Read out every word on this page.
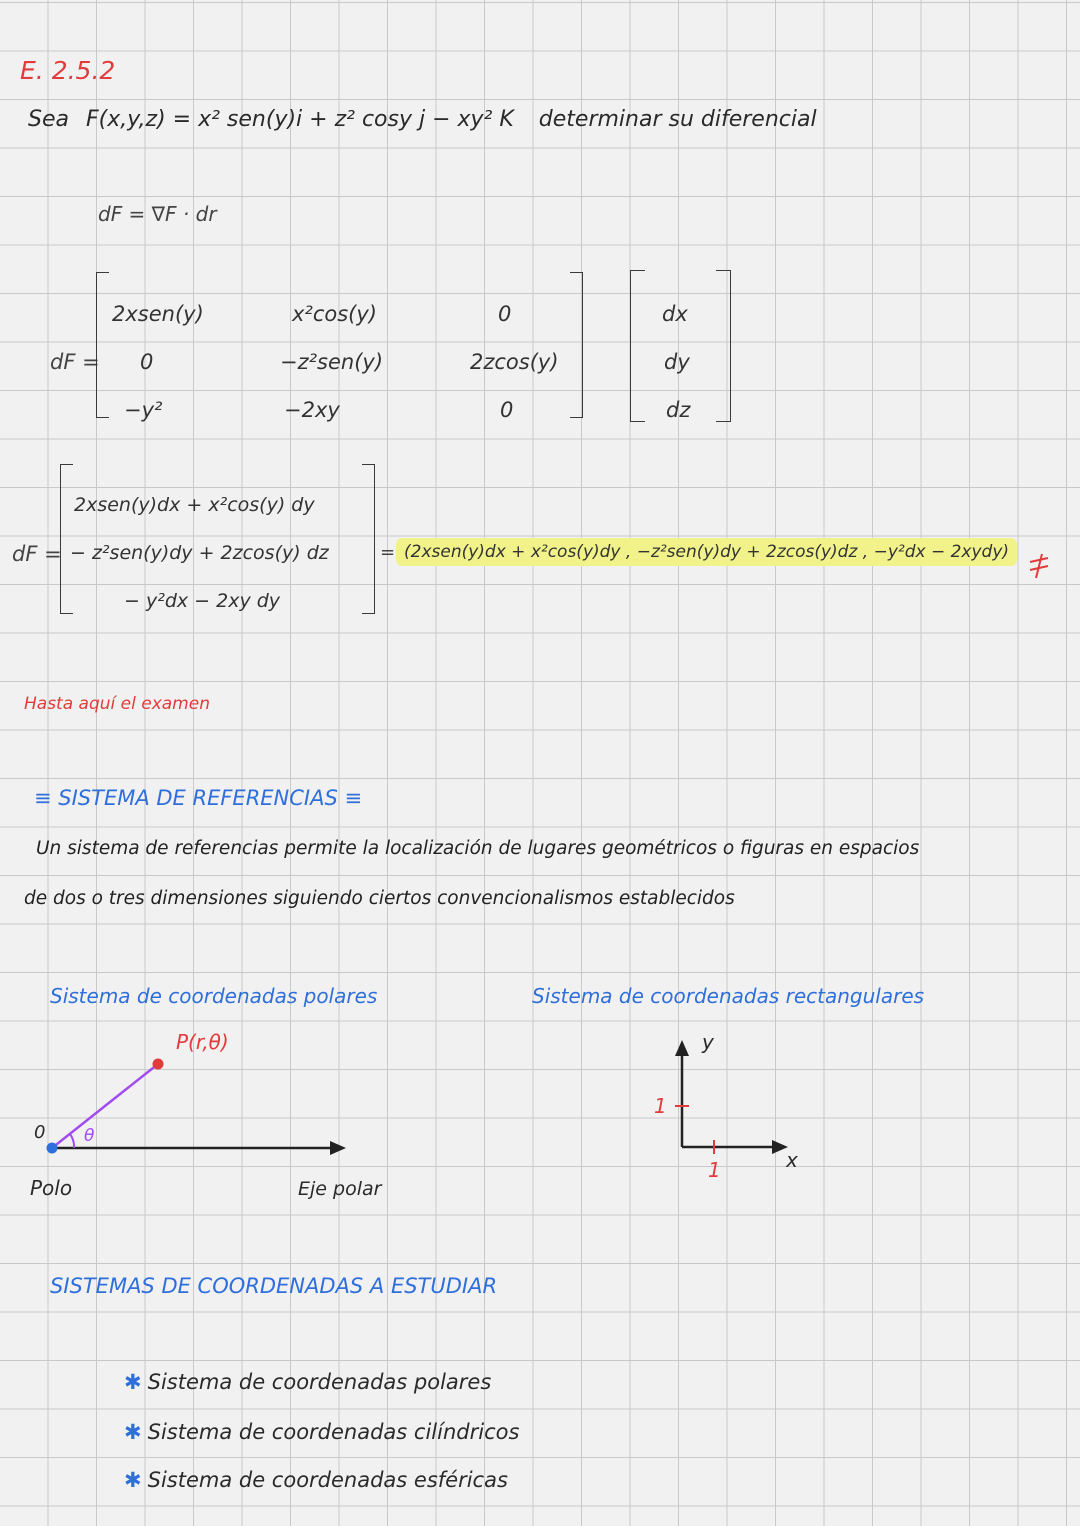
E. 2.5.2
Sea F(x,y,z) = x² sen(y)i + z² cosy j − xy² K determinar su diferencial
dF = ∇F · dr
dF =
2xsen(y)	x²cos(y)	0
0	−z²sen(y)	2zcos(y)
−y²	−2xy	0
dx
dy
dz
dF =
2xsen(y)dx + x²cos(y) dy
− z²sen(y)dy + 2zcos(y) dz
− y²dx − 2xy dy
= (2xsen(y)dx + x²cos(y)dy , −z²sen(y)dy + 2zcos(y)dz , −y²dx − 2xydy)
Hasta aquí el examen
≡ SISTEMA DE REFERENCIAS ≡
Un sistema de referencias permite la localización de lugares geométricos o figuras en espacios
de dos o tres dimensiones siguiendo ciertos convencionalismos establecidos
Sistema de coordenadas polares
P(r,θ)
0 θ
Polo	Eje polar
Sistema de coordenadas rectangulares
y
x
1
1
SISTEMAS DE COORDENADAS A ESTUDIAR
✱ Sistema de coordenadas polares
✱ Sistema de coordenadas cilíndricos
✱ Sistema de coordenadas esféricas
